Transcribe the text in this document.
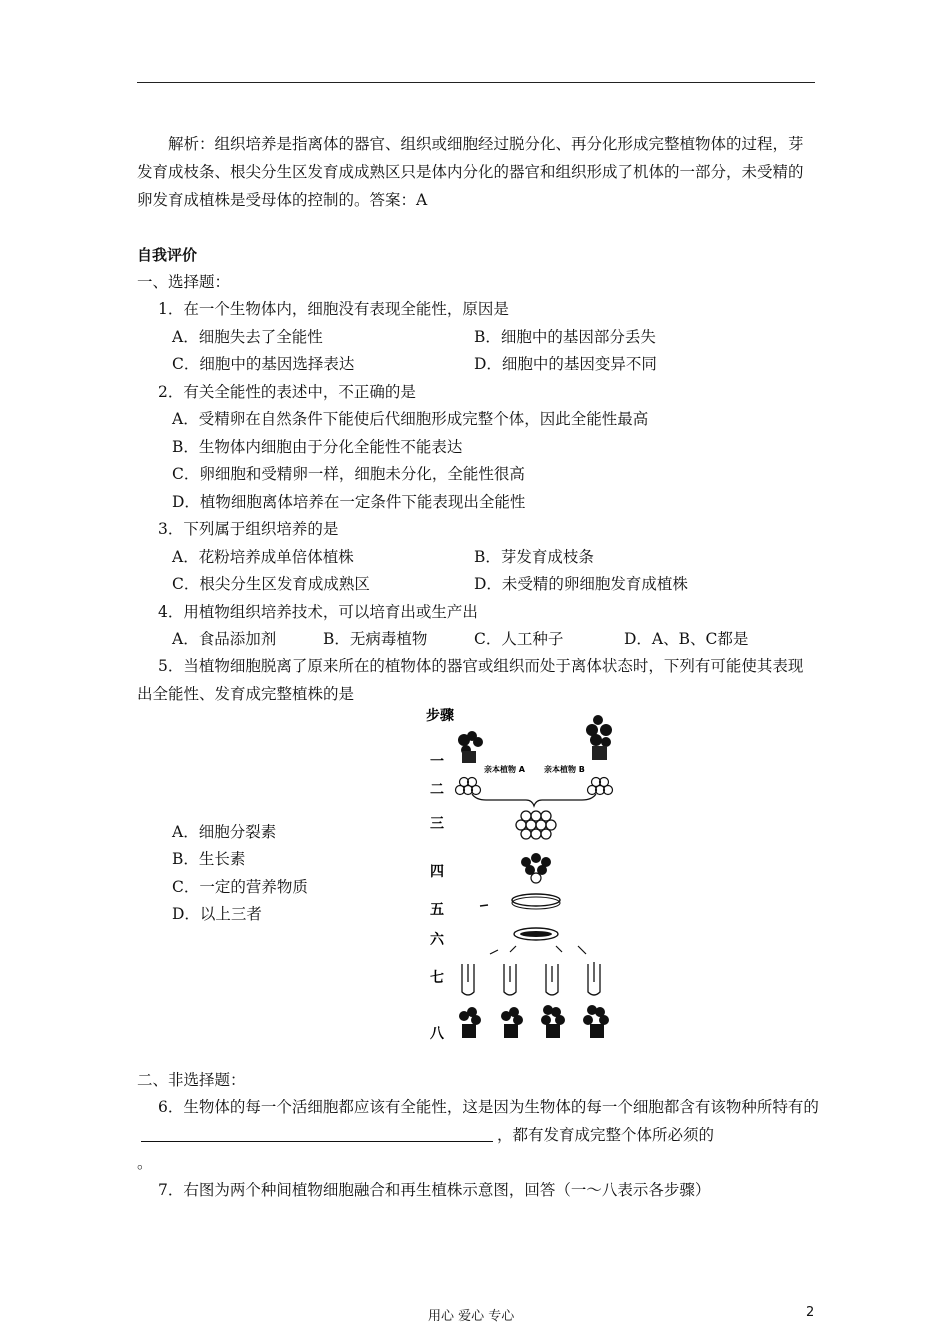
解析：组织培养是指离体的器官、组织或细胞经过脱分化、再分化形成完整植物体的过程，芽发育成枝条、根尖分生区发育成成熟区只是体内分化的器官和组织形成了机体的一部分，未受精的卵发育成植株是受母体的控制的。答案：A
自我评价
一、选择题：
1．在一个生物体内，细胞没有表现全能性，原因是
A．细胞失去了全能性	B．细胞中的基因部分丢失
C．细胞中的基因选择表达	D．细胞中的基因变异不同
2．有关全能性的表述中，不正确的是
A．受精卵在自然条件下能使后代细胞形成完整个体，因此全能性最高
B．生物体内细胞由于分化全能性不能表达
C．卵细胞和受精卵一样，细胞未分化，全能性很高
D．植物细胞离体培养在一定条件下能表现出全能性
3．下列属于组织培养的是
A．花粉培养成单倍体植株	B．芽发育成枝条
C．根尖分生区发育成成熟区	D．未受精的卵细胞发育成植株
4．用植物组织培养技术，可以培育出或生产出
A．食品添加剂	B．无病毒植物	C．人工种子	D．A、B、C都是
5．当植物细胞脱离了原来所在的植物体的器官或组织而处于离体状态时，下列有可能使其表现出全能性、发育成完整植株的是
A．细胞分裂素
B．生长素
C．一定的营养物质
D．以上三者
步骤
一
二
三
四
五
六
七
八
亲本植物 A 亲本植物 B
二、非选择题：
6．生物体的每一个活细胞都应该有全能性，这是因为生物体的每一个细胞都含有该物种所特有的
，都有发育成完整个体所必须的
。
7．右图为两个种间植物细胞融合和再生植株示意图，回答（一～八表示各步骤）
用心 爱心 专心	2
